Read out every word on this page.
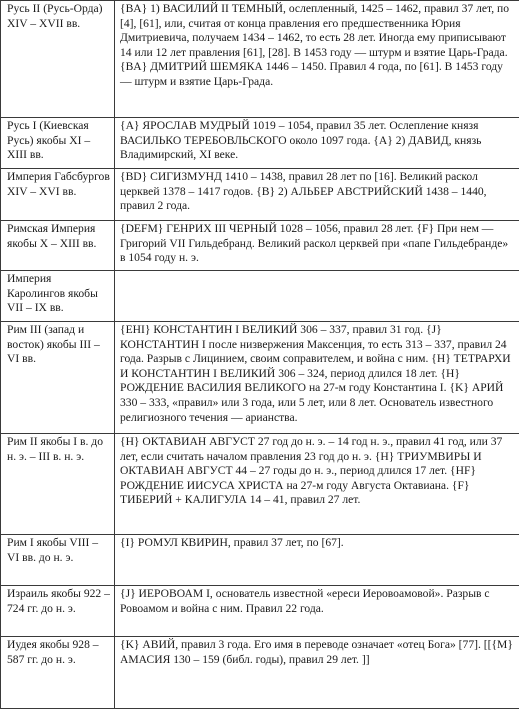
Русь II (Русь-Орда) XIV – XVII вв.	{BA} 1) ВАСИЛИЙ II ТЕМНЫЙ, ослепленный, 1425 – 1462, правил 37 лет, по [4], [61], или, считая от конца правления его предшественника Юрия Дмитриевича, получаем 1434 – 1462, то есть 28 лет. Иногда ему приписывают 14 или 12 лет правления [61], [28]. В 1453 году — штурм и взятие Царь-Града. {BA} ДМИТРИЙ ШЕМЯКА 1446 – 1450. Правил 4 года, по [61]. В 1453 году — штурм и взятие Царь-Града.
Русь I (Киевская Русь) якобы XI – XIII вв.	{A} ЯРОСЛАВ МУДРЫЙ 1019 – 1054, правил 35 лет. Ослепление князя ВАСИЛЬКО ТЕРЕБОВЛЬСКОГО около 1097 года. {A} 2) ДАВИД, князь Владимирский, XI веке.
Империя Габсбургов XIV – XVI вв.	{BD} СИГИЗМУНД 1410 – 1438, правил 28 лет по [16]. Великий раскол церквей 1378 – 1417 годов. {B} 2) АЛЬБЕР АВСТРИЙСКИЙ 1438 – 1440, правил 2 года.
Римская Империя якобы X – XIII вв.	{DEFM} ГЕНРИХ III ЧЕРНЫЙ 1028 – 1056, правил 28 лет. {F} При нем — Григорий VII Гильдебранд. Великий раскол церквей при «папе Гильдебранде» в 1054 году н. э.
Империя Каролингов якобы VII – IX вв.	
Рим III (запад и восток) якобы III – VI вв.	{EHI} КОНСТАНТИН I ВЕЛИКИЙ 306 – 337, правил 31 год. {J} КОНСТАНТИН I после низвержения Максенция, то есть 313 – 337, правил 24 года. Разрыв с Лицинием, своим соправителем, и война с ним. {H} ТЕТРАРХИ И КОНСТАНТИН I ВЕЛИКИЙ 306 – 324, период длился 18 лет. {H} РОЖДЕНИЕ ВАСИЛИЯ ВЕЛИКОГО на 27-м году Константина I. {K} АРИЙ 330 – 333, «правил» или 3 года, или 5 лет, или 8 лет. Основатель известного религиозного течения — арианства.
Рим II якобы I в. до н. э. – III в. н. э.	{H} ОКТАВИАН АВГУСТ 27 год до н. э. – 14 год н. э., правил 41 год, или 37 лет, если считать началом правления 23 год до н. э. {H} ТРИУМВИРЫ И ОКТАВИАН АВГУСТ 44 – 27 годы до н. э., период длился 17 лет. {HF} РОЖДЕНИЕ ИИСУСА ХРИСТА на 27-м году Августа Октавиана. {F} ТИБЕРИЙ + КАЛИГУЛА 14 – 41, правил 27 лет.
Рим I якобы VIII – VI вв. до н. э.	{I} РОМУЛ КВИРИН, правил 37 лет, по [67].
Израиль якобы 922 – 724 гг. до н. э.	{J} ИЕРОВОАМ I, основатель известной «ереси Иеровоамовой». Разрыв с Ровоамом и война с ним. Правил 22 года.
Иудея якобы 928 – 587 гг. до н. э.	{K} АВИЙ, правил 3 года. Его имя в переводе означает «отец Бога» [77]. [[{M} АМАСИЯ 130 – 159 (библ. годы), правил 29 лет. ]]
